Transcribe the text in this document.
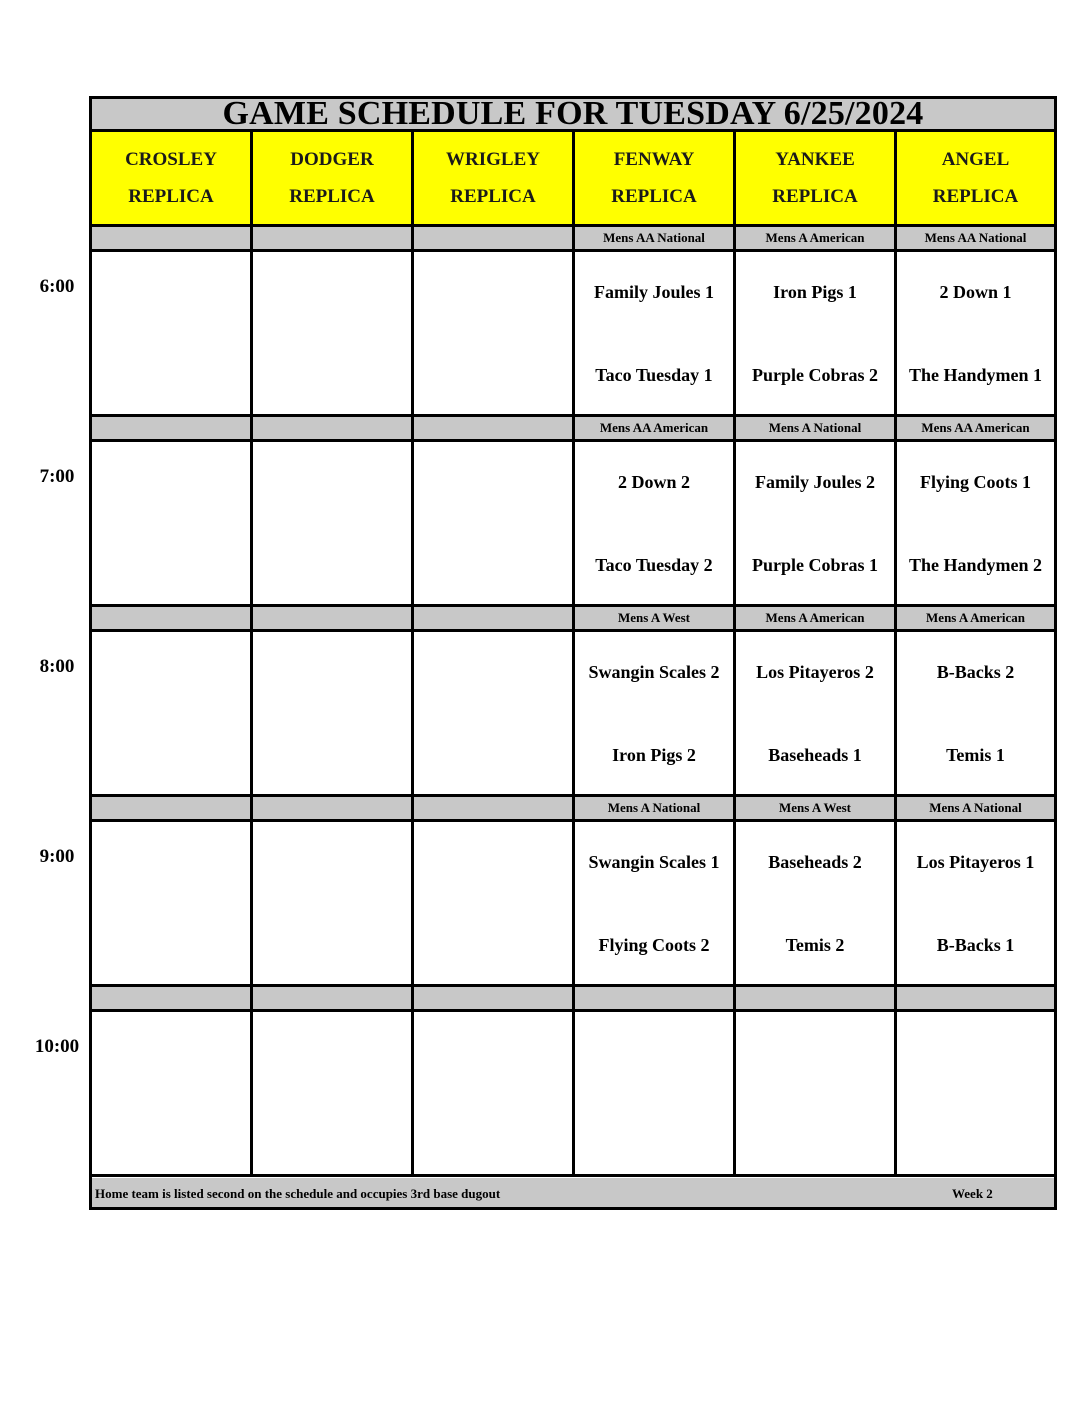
GAME SCHEDULE FOR TUESDAY 6/25/2024
Home team is listed second on the schedule and occupies 3rd base dugout	Week 2
CROSLEY
REPLICA
DODGER
REPLICA
WRIGLEY
REPLICA
FENWAY
REPLICA
YANKEE
REPLICA
ANGEL
REPLICA
Mens AA National
Family Joules 1
Taco Tuesday 1
Mens A American
Iron Pigs 1
Purple Cobras 2
Mens AA National
2 Down 1
The Handymen 1
Mens AA American
2 Down 2
Taco Tuesday 2
Mens A National
Family Joules 2
Purple Cobras 1
Mens AA American
Flying Coots 1
The Handymen 2
Mens A West
Swangin Scales 2
Iron Pigs 2
Mens A American
Los Pitayeros 2
Baseheads 1
Mens A American
B-Backs 2
Temis 1
Mens A National
Swangin Scales 1
Flying Coots 2
Mens A West
Baseheads 2
Temis 2
Mens A National
Los Pitayeros 1
B-Backs 1
6:00
7:00
8:00
9:00
10:00
